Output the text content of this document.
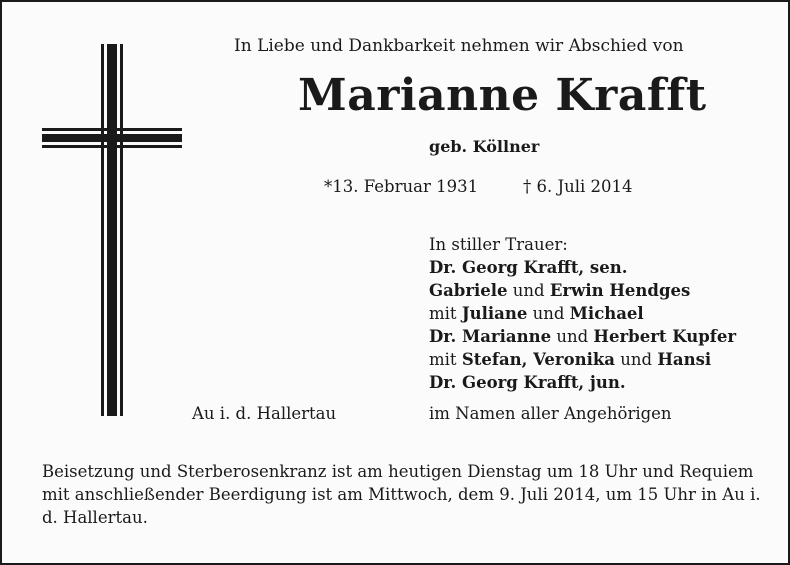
In Liebe und Dankbarkeit nehmen wir Abschied von
Marianne Krafft
geb. Köllner
*13. Februar 1931	† 6. Juli 2014
In stiller Trauer:
Dr. Georg Krafft, sen.
Gabriele und Erwin Hendges
mit Juliane und Michael
Dr. Marianne und Herbert Kupfer
mit Stefan, Veronika und Hansi
Dr. Georg Krafft, jun.
Au i. d. Hallertau	im Namen aller Angehörigen
Beisetzung und Sterberosenkranz ist am heutigen Dienstag um 18 Uhr und Requiem mit anschließender Beerdigung ist am Mittwoch, dem 9. Juli 2014, um 15 Uhr in Au i. d. Hallertau.
